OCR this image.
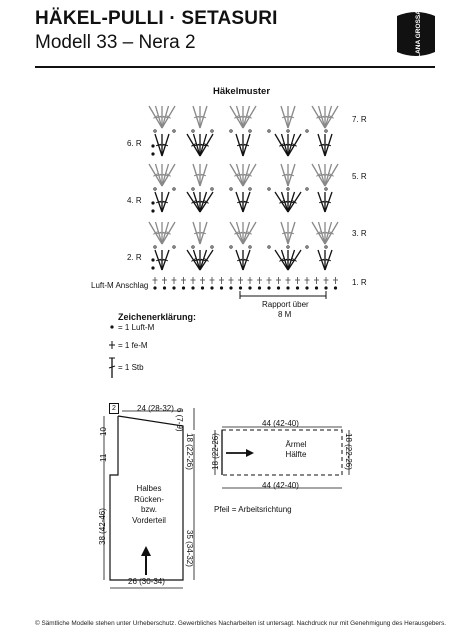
HÄKEL-PULLI · SETASURI
Modell 33 – Nera 2	LANA GROSSA
Häkelmuster
7. R
5. R
3. R
1. R
6. R
4. R
2. R
Luft-M Anschlag
Rapport über
8 M
Zeichenerklärung:
= 1 Luft-M
= 1 fe-M
= 1 Stb
2	24 (28-32) 6 (7-9)
10
11
38 (42-46)
18 (22-26)
35 (34-32)
26 (30-34)
Halbes
Rücken-
bzw.
Vorderteil
44 (42-40)
44 (42-40)
18 (22-26)	18 (22-26)
Ärmel
Hälfte
Pfeil = Arbeitsrichtung
© Sämtliche Modelle stehen unter Urheberschutz. Gewerbliches Nacharbeiten ist untersagt. Nachdruck nur mit Genehmigung des Herausgebers.
